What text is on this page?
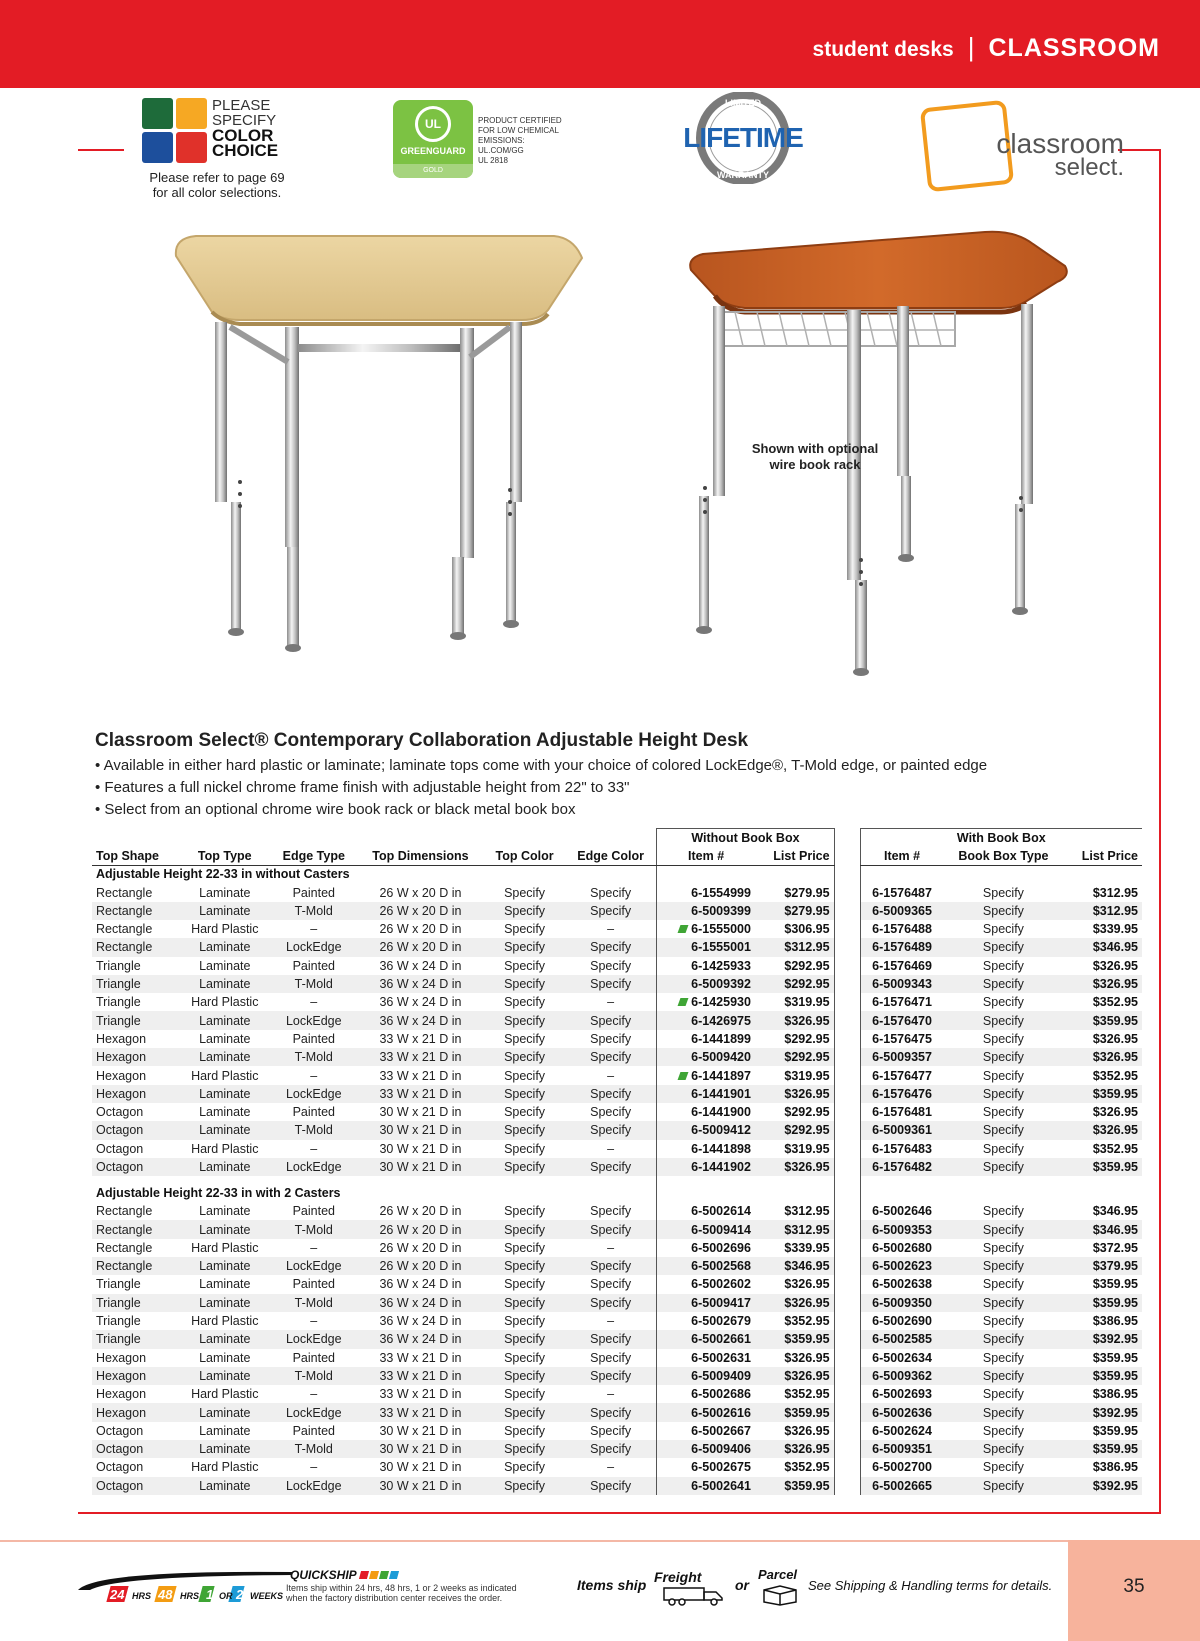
student desks | CLASSROOM
PLEASE
SPECIFY
COLOR
CHOICE
Please refer to page 69
for all color selections.
UL
GREENGUARD
GOLD
PRODUCT CERTIFIED
FOR LOW CHEMICAL
EMISSIONS:
UL.COM/GG
UL 2818
LIMITED
WARRANTY
LIFETIME	classroom
select.
Shown with optional
wire book rack
Classroom Select® Contemporary Collaboration Adjustable Height Desk
• Available in either hard plastic or laminate; laminate tops come with your choice of colored LockEdge®, T-Mold edge, or painted edge
• Features a full nickel chrome frame finish with adjustable height from 22" to 33"
• Select from an optional chrome wire book rack or black metal book box
						Without Book Box			With Book Box		
Top Shape	Top Type	Edge Type	Top Dimensions	Top Color	Edge Color	Item #	List Price		Item #	Book Box Type	List Price
Adjustable Height 22-33 in without Casters											
Rectangle	Laminate	Painted	26 W x 20 D in	Specify	Specify	6-1554999	$279.95		6-1576487	Specify	$312.95
Rectangle	Laminate	T-Mold	26 W x 20 D in	Specify	Specify	6-5009399	$279.95		6-5009365	Specify	$312.95
Rectangle	Hard Plastic	–	26 W x 20 D in	Specify	–	6-1555000	$306.95		6-1576488	Specify	$339.95
Rectangle	Laminate	LockEdge	26 W x 20 D in	Specify	Specify	6-1555001	$312.95		6-1576489	Specify	$346.95
Triangle	Laminate	Painted	36 W x 24 D in	Specify	Specify	6-1425933	$292.95		6-1576469	Specify	$326.95
Triangle	Laminate	T-Mold	36 W x 24 D in	Specify	Specify	6-5009392	$292.95		6-5009343	Specify	$326.95
Triangle	Hard Plastic	–	36 W x 24 D in	Specify	–	6-1425930	$319.95		6-1576471	Specify	$352.95
Triangle	Laminate	LockEdge	36 W x 24 D in	Specify	Specify	6-1426975	$326.95		6-1576470	Specify	$359.95
Hexagon	Laminate	Painted	33 W x 21 D in	Specify	Specify	6-1441899	$292.95		6-1576475	Specify	$326.95
Hexagon	Laminate	T-Mold	33 W x 21 D in	Specify	Specify	6-5009420	$292.95		6-5009357	Specify	$326.95
Hexagon	Hard Plastic	–	33 W x 21 D in	Specify	–	6-1441897	$319.95		6-1576477	Specify	$352.95
Hexagon	Laminate	LockEdge	33 W x 21 D in	Specify	Specify	6-1441901	$326.95		6-1576476	Specify	$359.95
Octagon	Laminate	Painted	30 W x 21 D in	Specify	Specify	6-1441900	$292.95		6-1576481	Specify	$326.95
Octagon	Laminate	T-Mold	30 W x 21 D in	Specify	Specify	6-5009412	$292.95		6-5009361	Specify	$326.95
Octagon	Hard Plastic	–	30 W x 21 D in	Specify	–	6-1441898	$319.95		6-1576483	Specify	$352.95
Octagon	Laminate	LockEdge	30 W x 21 D in	Specify	Specify	6-1441902	$326.95		6-1576482	Specify	$359.95
Adjustable Height 22-33 in with 2 Casters											
Rectangle	Laminate	Painted	26 W x 20 D in	Specify	Specify	6-5002614	$312.95		6-5002646	Specify	$346.95
Rectangle	Laminate	T-Mold	26 W x 20 D in	Specify	Specify	6-5009414	$312.95		6-5009353	Specify	$346.95
Rectangle	Hard Plastic	–	26 W x 20 D in	Specify	–	6-5002696	$339.95		6-5002680	Specify	$372.95
Rectangle	Laminate	LockEdge	26 W x 20 D in	Specify	Specify	6-5002568	$346.95		6-5002623	Specify	$379.95
Triangle	Laminate	Painted	36 W x 24 D in	Specify	Specify	6-5002602	$326.95		6-5002638	Specify	$359.95
Triangle	Laminate	T-Mold	36 W x 24 D in	Specify	Specify	6-5009417	$326.95		6-5009350	Specify	$359.95
Triangle	Hard Plastic	–	36 W x 24 D in	Specify	–	6-5002679	$352.95		6-5002690	Specify	$386.95
Triangle	Laminate	LockEdge	36 W x 24 D in	Specify	Specify	6-5002661	$359.95		6-5002585	Specify	$392.95
Hexagon	Laminate	Painted	33 W x 21 D in	Specify	Specify	6-5002631	$326.95		6-5002634	Specify	$359.95
Hexagon	Laminate	T-Mold	33 W x 21 D in	Specify	Specify	6-5009409	$326.95		6-5009362	Specify	$359.95
Hexagon	Hard Plastic	–	33 W x 21 D in	Specify	–	6-5002686	$352.95		6-5002693	Specify	$386.95
Hexagon	Laminate	LockEdge	33 W x 21 D in	Specify	Specify	6-5002616	$359.95		6-5002636	Specify	$392.95
Octagon	Laminate	Painted	30 W x 21 D in	Specify	Specify	6-5002667	$326.95		6-5002624	Specify	$359.95
Octagon	Laminate	T-Mold	30 W x 21 D in	Specify	Specify	6-5009406	$326.95		6-5009351	Specify	$359.95
Octagon	Hard Plastic	–	30 W x 21 D in	Specify	–	6-5002675	$352.95		6-5002700	Specify	$386.95
Octagon	Laminate	LockEdge	30 W x 21 D in	Specify	Specify	6-5002641	$359.95		6-5002665	Specify	$392.95
35
24 HRS 48 HRS 1 OR 2 WEEKS
QUICKSHIP
Items ship within 24 hrs, 48 hrs, 1 or 2 weeks as indicated
when the factory distribution center receives the order.
Items ship Freight or
Parcel
See Shipping & Handling terms for details.
